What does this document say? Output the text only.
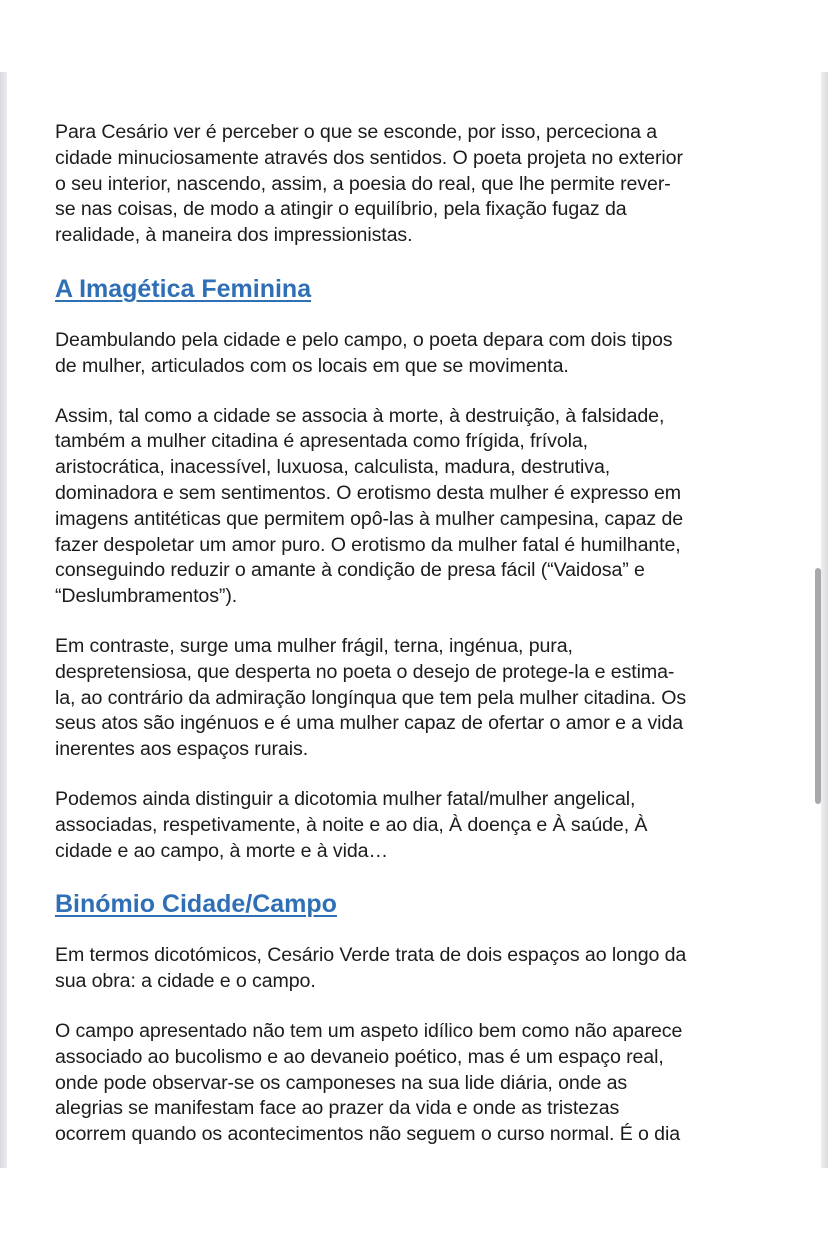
Para Cesário ver é perceber o que se esconde, por isso, perceciona a
cidade minuciosamente através dos sentidos. O poeta projeta no exterior
o seu interior, nascendo, assim, a poesia do real, que lhe permite rever-
se nas coisas, de modo a atingir o equilíbrio, pela fixação fugaz da
realidade, à maneira dos impressionistas.

A Imagética Feminina

Deambulando pela cidade e pelo campo, o poeta depara com dois tipos
de mulher, articulados com os locais em que se movimenta.

Assim, tal como a cidade se associa à morte, à destruição, à falsidade,
também a mulher citadina é apresentada como frígida, frívola,
aristocrática, inacessível, luxuosa, calculista, madura, destrutiva,
dominadora e sem sentimentos. O erotismo desta mulher é expresso em
imagens antitéticas que permitem opô-las à mulher campesina, capaz de
fazer despoletar um amor puro. O erotismo da mulher fatal é humilhante,
conseguindo reduzir o amante à condição de presa fácil (“Vaidosa” e
“Deslumbramentos”).

Em contraste, surge uma mulher frágil, terna, ingénua, pura,
despretensiosa, que desperta no poeta o desejo de protege-la e estima-
la, ao contrário da admiração longínqua que tem pela mulher citadina. Os
seus atos são ingénuos e é uma mulher capaz de ofertar o amor e a vida
inerentes aos espaços rurais.

Podemos ainda distinguir a dicotomia mulher fatal/mulher angelical,
associadas, respetivamente, à noite e ao dia, À doença e À saúde, À
cidade e ao campo, à morte e à vida…

Binómio Cidade/Campo

Em termos dicotómicos, Cesário Verde trata de dois espaços ao longo da
sua obra: a cidade e o campo.

O campo apresentado não tem um aspeto idílico bem como não aparece
associado ao bucolismo e ao devaneio poético, mas é um espaço real,
onde pode observar-se os camponeses na sua lide diária, onde as
alegrias se manifestam face ao prazer da vida e onde as tristezas
ocorrem quando os acontecimentos não seguem o curso normal. É o dia
